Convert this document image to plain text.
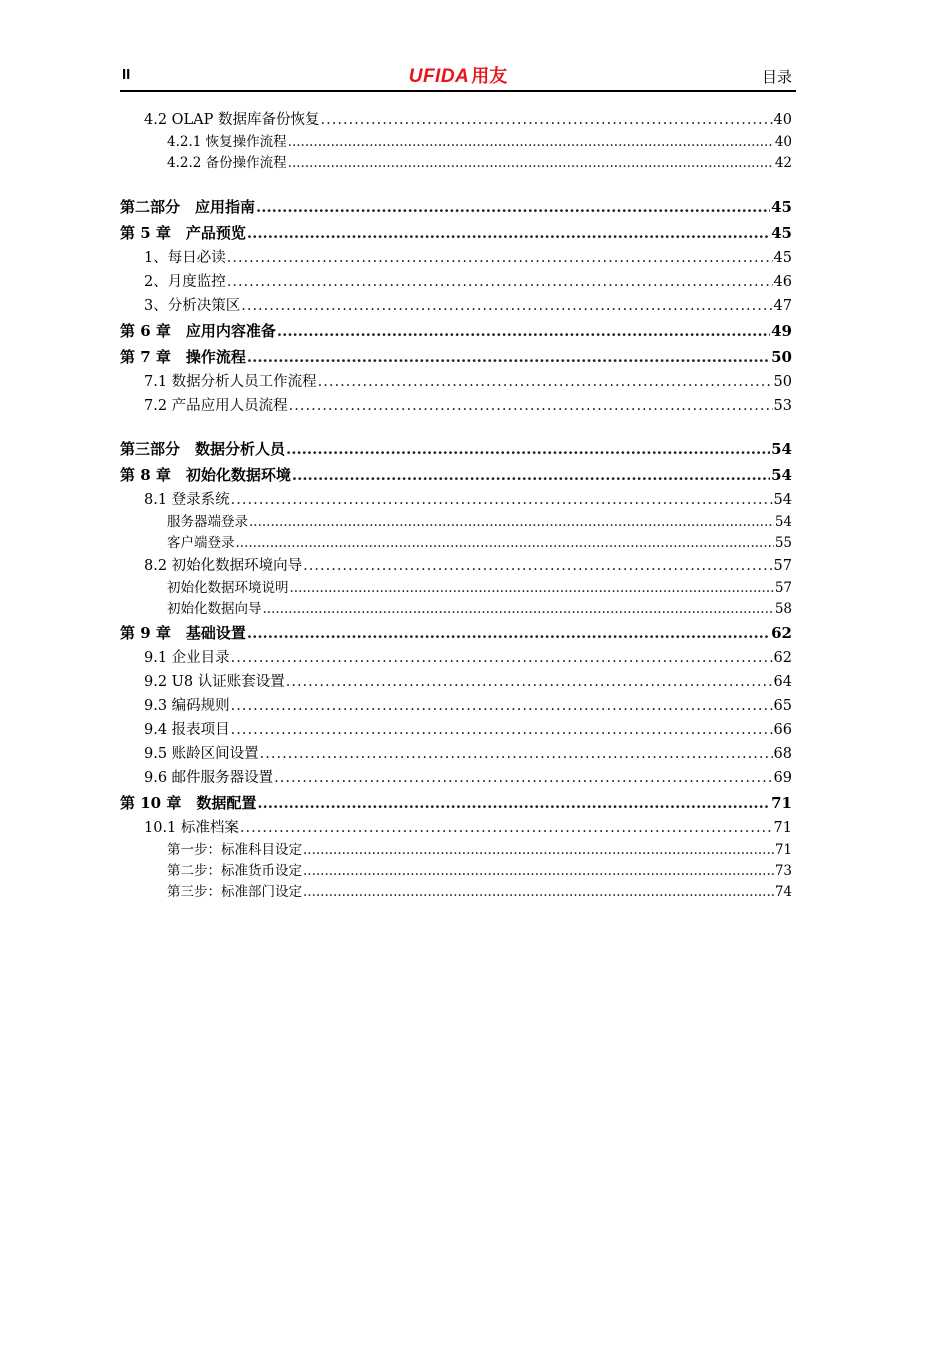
II	UFIDA 用友	目录
4.2 OLAP 数据库备份恢复 .....	40
4.2.1 恢复操作流程 .....	40
4.2.2 备份操作流程 .....	42
第二部分　应用指南 .....	45
第 5 章　产品预览 .....	45
1、每日必读 .....	45
2、月度监控 .....	46
3、分析决策区 .....	47
第 6 章　应用内容准备 .....	49
第 7 章　操作流程 .....	50
7.1 数据分析人员工作流程 .....	50
7.2 产品应用人员流程 .....	53
第三部分　数据分析人员 .....	54
第 8 章　初始化数据环境 .....	54
8.1 登录系统 .....	54
服务器端登录 .....	54
客户端登录 .....	55
8.2 初始化数据环境向导 .....	57
初始化数据环境说明 .....	57
初始化数据向导 .....	58
第 9 章　基础设置 .....	62
9.1 企业目录 .....	62
9.2 U8 认证账套设置 .....	64
9.3 编码规则 .....	65
9.4 报表项目 .....	66
9.5 账龄区间设置 .....	68
9.6 邮件服务器设置 .....	69
第 10 章　数据配置 .....	71
10.1 标准档案 .....	71
第一步：标准科目设定 .....	71
第二步：标准货币设定 .....	73
第三步：标准部门设定 .....	74
